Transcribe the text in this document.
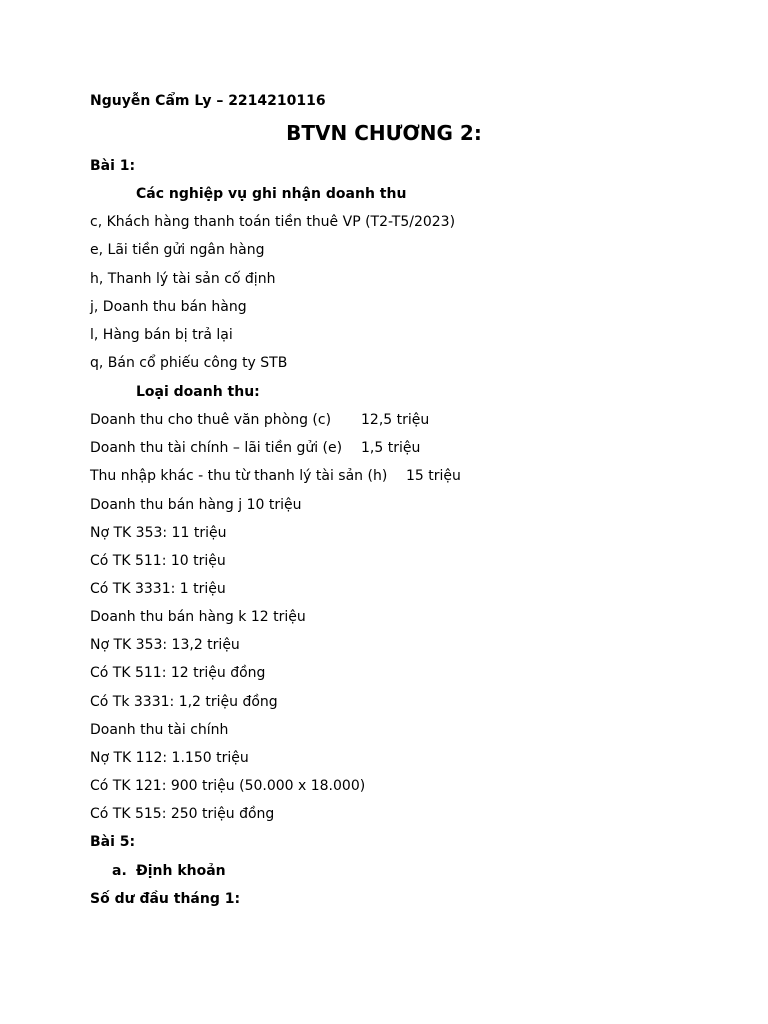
Nguyễn Cẩm Ly – 2214210116
BTVN CHƯƠNG 2:
Bài 1:
Các nghiệp vụ ghi nhận doanh thu
c, Khách hàng thanh toán tiền thuê VP (T2-T5/2023)
e, Lãi tiền gửi ngân hàng
h, Thanh lý tài sản cố định
j, Doanh thu bán hàng
l, Hàng bán bị trả lại
q, Bán cổ phiếu công ty STB
Loại doanh thu:
Doanh thu cho thuê văn phòng (c) 12,5 triệu
Doanh thu tài chính – lãi tiền gửi (e) 1,5 triệu
Thu nhập khác - thu từ thanh lý tài sản (h) 15 triệu
Doanh thu bán hàng j 10 triệu
Nợ TK 353: 11 triệu
Có TK 511: 10 triệu
Có TK 3331: 1 triệu
Doanh thu bán hàng k 12 triệu
Nợ TK 353: 13,2 triệu
Có TK 511: 12 triệu đồng
Có Tk 3331: 1,2 triệu đồng
Doanh thu tài chính
Nợ TK 112: 1.150 triệu
Có TK 121: 900 triệu (50.000 x 18.000)
Có TK 515: 250 triệu đồng
Bài 5:
a. Định khoản
Số dư đầu tháng 1:
